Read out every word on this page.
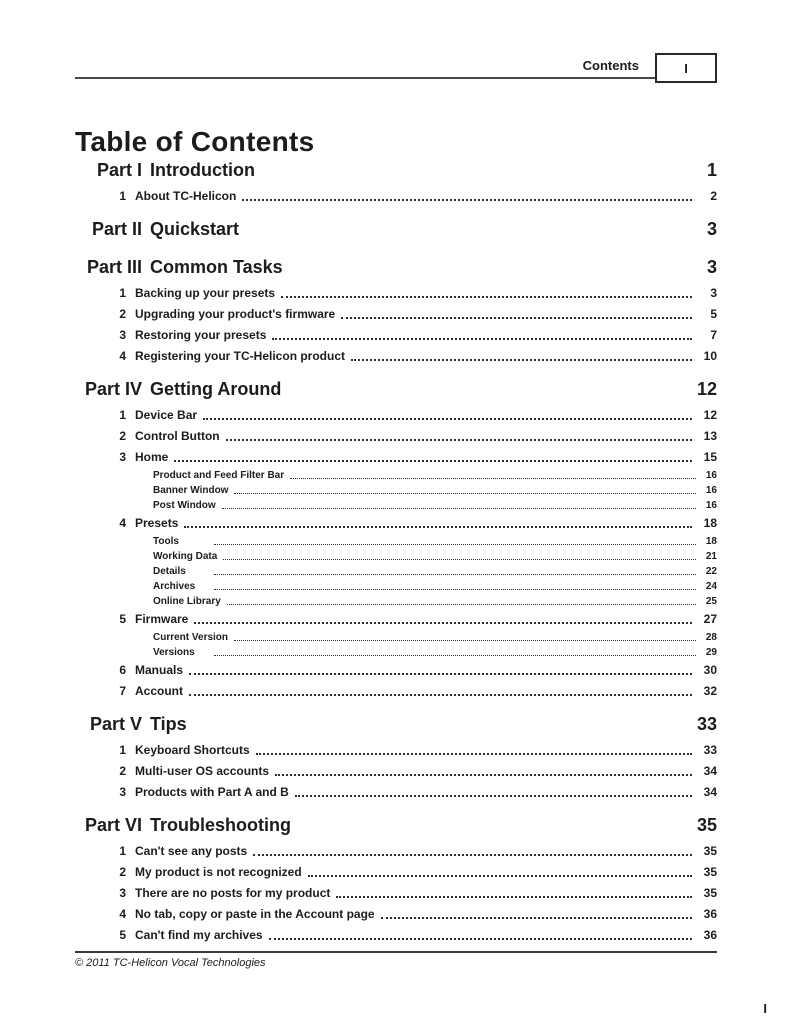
Contents	I
Table of Contents
Part I Introduction	1
1 About TC-Helicon	2
Part II Quickstart	3
Part III Common Tasks	3
1 Backing up your presets	3
2 Upgrading your product's firmware	5
3 Restoring your presets	7
4 Registering your TC-Helicon product	10
Part IV Getting Around	12
1 Device Bar	12
2 Control Button	13
3 Home	15
Product and Feed Filter Bar	16
Banner Window	16
Post Window	16
4 Presets	18
Tools	18
Working Data	21
Details	22
Archives	24
Online Library	25
5 Firmware	27
Current Version	28
Versions	29
6 Manuals	30
7 Account	32
Part V Tips	33
1 Keyboard Shortcuts	33
2 Multi-user OS accounts	34
3 Products with Part A and B	34
Part VI Troubleshooting	35
1 Can't see any posts	35
2 My product is not recognized	35
3 There are no posts for my product	35
4 No tab, copy or paste in the Account page	36
5 Can't find my archives	36
© 2011 TC-Helicon Vocal Technologies
I
